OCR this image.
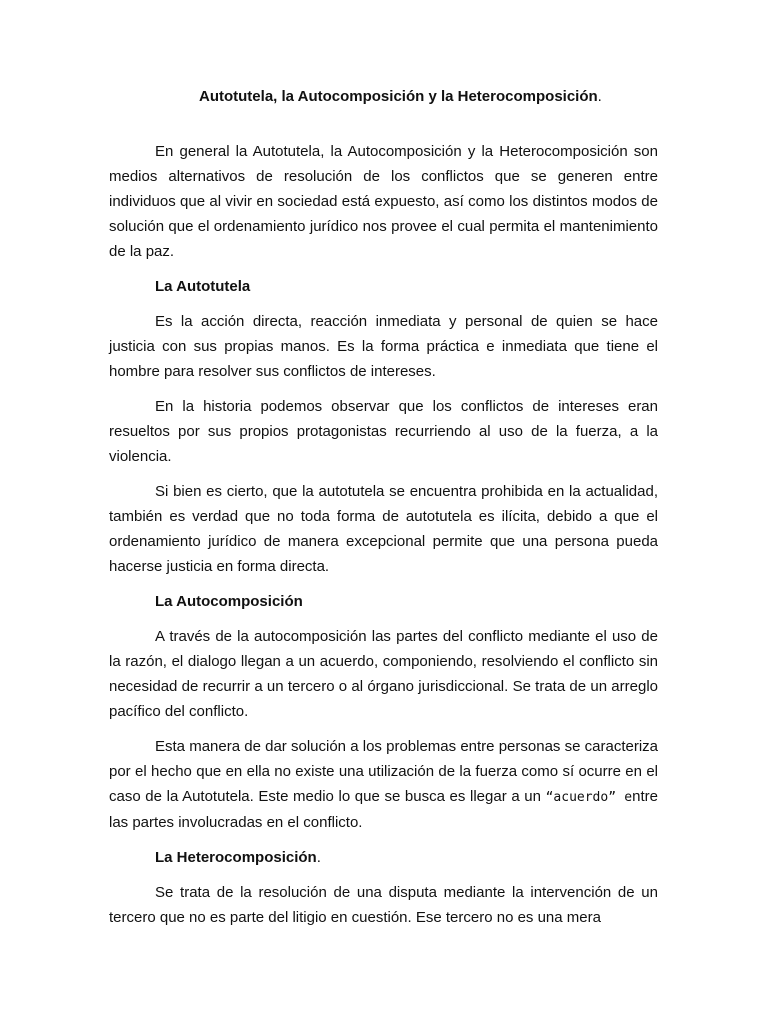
Autotutela, la Autocomposición y la Heterocomposición.

En general la Autotutela, la Autocomposición y la Heterocomposición son medios alternativos de resolución de los conflictos que se generen entre individuos que al vivir en sociedad está expuesto, así como los distintos modos de solución que el ordenamiento jurídico nos provee el cual permita el mantenimiento de la paz.

La Autotutela

Es la acción directa, reacción inmediata y personal de quien se hace justicia con sus propias manos. Es la forma práctica e inmediata que tiene el hombre para resolver sus conflictos de intereses.

En la historia podemos observar que los conflictos de intereses eran resueltos por sus propios protagonistas recurriendo al uso de la fuerza, a la violencia.

Si bien es cierto, que la autotutela se encuentra prohibida en la actualidad, también es verdad que no toda forma de autotutela es ilícita, debido a que el ordenamiento jurídico de manera excepcional permite que una persona pueda hacerse justicia en forma directa.

La Autocomposición

A través de la autocomposición las partes del conflicto mediante el uso de la razón, el dialogo llegan a un acuerdo, componiendo, resolviendo el conflicto sin necesidad de recurrir a un tercero o al órgano jurisdiccional. Se trata de un arreglo pacífico del conflicto.

Esta manera de dar solución a los problemas entre personas se caracteriza por el hecho que en ella no existe una utilización de la fuerza como sí ocurre en el caso de la Autotutela. Este medio lo que se busca es llegar a un “acuerdo” entre las partes involucradas en el conflicto.

La Heterocomposición.

Se trata de la resolución de una disputa mediante la intervención de un tercero que no es parte del litigio en cuestión. Ese tercero no es una mera
